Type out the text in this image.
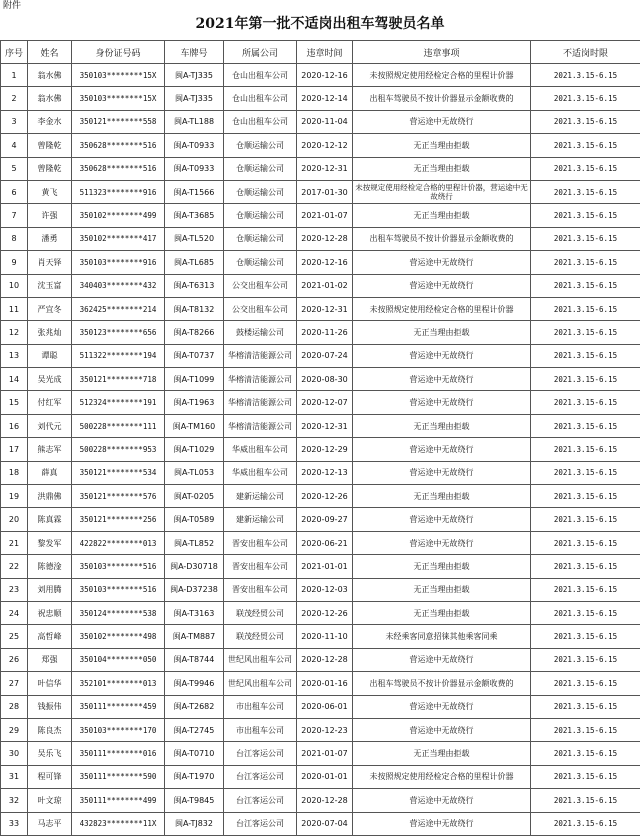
附件
2021年第一批不适岗出租车驾驶员名单
序号	姓名	身份证号码	车牌号	所属公司	违章时间	违章事项	不适岗时限
1	翁水佛	350103********15X	闽A-TJ335	仓山出租车公司	2020-12-16	未按照规定使用经检定合格的里程计价器	2021.3.15-6.15
2	翁水佛	350103********15X	闽A-TJ335	仓山出租车公司	2020-12-14	出租车驾驶员不按计价器显示金额收费的	2021.3.15-6.15
3	李金水	350121********558	闽A-TL188	仓山出租车公司	2020-11-04	营运途中无故绕行	2021.3.15-6.15
4	曾隆乾	350628********516	闽A-T0933	仓顺运输公司	2020-12-12	无正当理由拒载	2021.3.15-6.15
5	曾隆乾	350628********516	闽A-T0933	仓顺运输公司	2020-12-31	无正当理由拒载	2021.3.15-6.15
6	黄飞	511323********916	闽A-T1566	仓顺运输公司	2017-01-30	未按规定使用经检定合格的里程计价器，营运途中无故绕行	2021.3.15-6.15
7	许强	350102********499	闽A-T3685	仓顺运输公司	2021-01-07	无正当理由拒载	2021.3.15-6.15
8	潘勇	350102********417	闽A-TL520	仓顺运输公司	2020-12-28	出租车驾驶员不按计价器显示金额收费的	2021.3.15-6.15
9	肖天铎	350103********916	闽A-TL685	仓顺运输公司	2020-12-16	营运途中无故绕行	2021.3.15-6.15
10	沈玉富	340403********432	闽A-T6313	公交出租车公司	2021-01-02	营运途中无故绕行	2021.3.15-6.15
11	严宜冬	362425********214	闽A-T8132	公交出租车公司	2020-12-31	未按照规定使用经检定合格的里程计价器	2021.3.15-6.15
12	张兆灿	350123********656	闽A-T8266	鼓楼运输公司	2020-11-26	无正当理由拒载	2021.3.15-6.15
13	谭聪	511322********194	闽A-T0737	华榕清洁能源公司	2020-07-24	营运途中无故绕行	2021.3.15-6.15
14	吴光成	350121********718	闽A-T1099	华榕清洁能源公司	2020-08-30	营运途中无故绕行	2021.3.15-6.15
15	付红军	512324********191	闽A-T1963	华榕清洁能源公司	2020-12-07	营运途中无故绕行	2021.3.15-6.15
16	刘代元	500228********111	闽A-TM160	华榕清洁能源公司	2020-12-31	无正当理由拒载	2021.3.15-6.15
17	熊志军	500228********953	闽A-T1029	华威出租车公司	2020-12-29	营运途中无故绕行	2021.3.15-6.15
18	薛真	350121********534	闽A-TL053	华威出租车公司	2020-12-13	营运途中无故绕行	2021.3.15-6.15
19	洪鼎佛	350121********576	闽AT-0205	建新运输公司	2020-12-26	无正当理由拒载	2021.3.15-6.15
20	陈真霖	350121********256	闽A-T0589	建新运输公司	2020-09-27	营运途中无故绕行	2021.3.15-6.15
21	黎发军	422822********013	闽A-TL852	晋安出租车公司	2020-06-21	营运途中无故绕行	2021.3.15-6.15
22	陈德淦	350103********516	闽A-D30718	晋安出租车公司	2021-01-01	无正当理由拒载	2021.3.15-6.15
23	刘用腾	350103********516	闽A-D37238	晋安出租车公司	2020-12-03	无正当理由拒载	2021.3.15-6.15
24	祝忠顺	350124********538	闽A-T3163	联茂经贸公司	2020-12-26	无正当理由拒载	2021.3.15-6.15
25	高哲峰	350102********498	闽A-TM887	联茂经贸公司	2020-11-10	未经乘客同意招徕其他乘客同乘	2021.3.15-6.15
26	郑强	350104********050	闽A-T8744	世纪风出租车公司	2020-12-28	营运途中无故绕行	2021.3.15-6.15
27	叶信华	352101********013	闽A-T9946	世纪风出租车公司	2020-01-16	出租车驾驶员不按计价器显示金额收费的	2021.3.15-6.15
28	钱振伟	350111********459	闽A-T2682	市出租车公司	2020-06-01	营运途中无故绕行	2021.3.15-6.15
29	陈良杰	350103********170	闽A-T2745	市出租车公司	2020-12-23	营运途中无故绕行	2021.3.15-6.15
30	吴乐飞	350111********016	闽A-T0710	台江客运公司	2021-01-07	无正当理由拒载	2021.3.15-6.15
31	程可锋	350111********590	闽A-T1970	台江客运公司	2020-01-01	未按照规定使用经检定合格的里程计价器	2021.3.15-6.15
32	叶文琼	350111********499	闽A-T9845	台江客运公司	2020-12-28	营运途中无故绕行	2021.3.15-6.15
33	马志平	432823********11X	闽A-TJ832	台江客运公司	2020-07-04	营运途中无故绕行	2021.3.15-6.15
